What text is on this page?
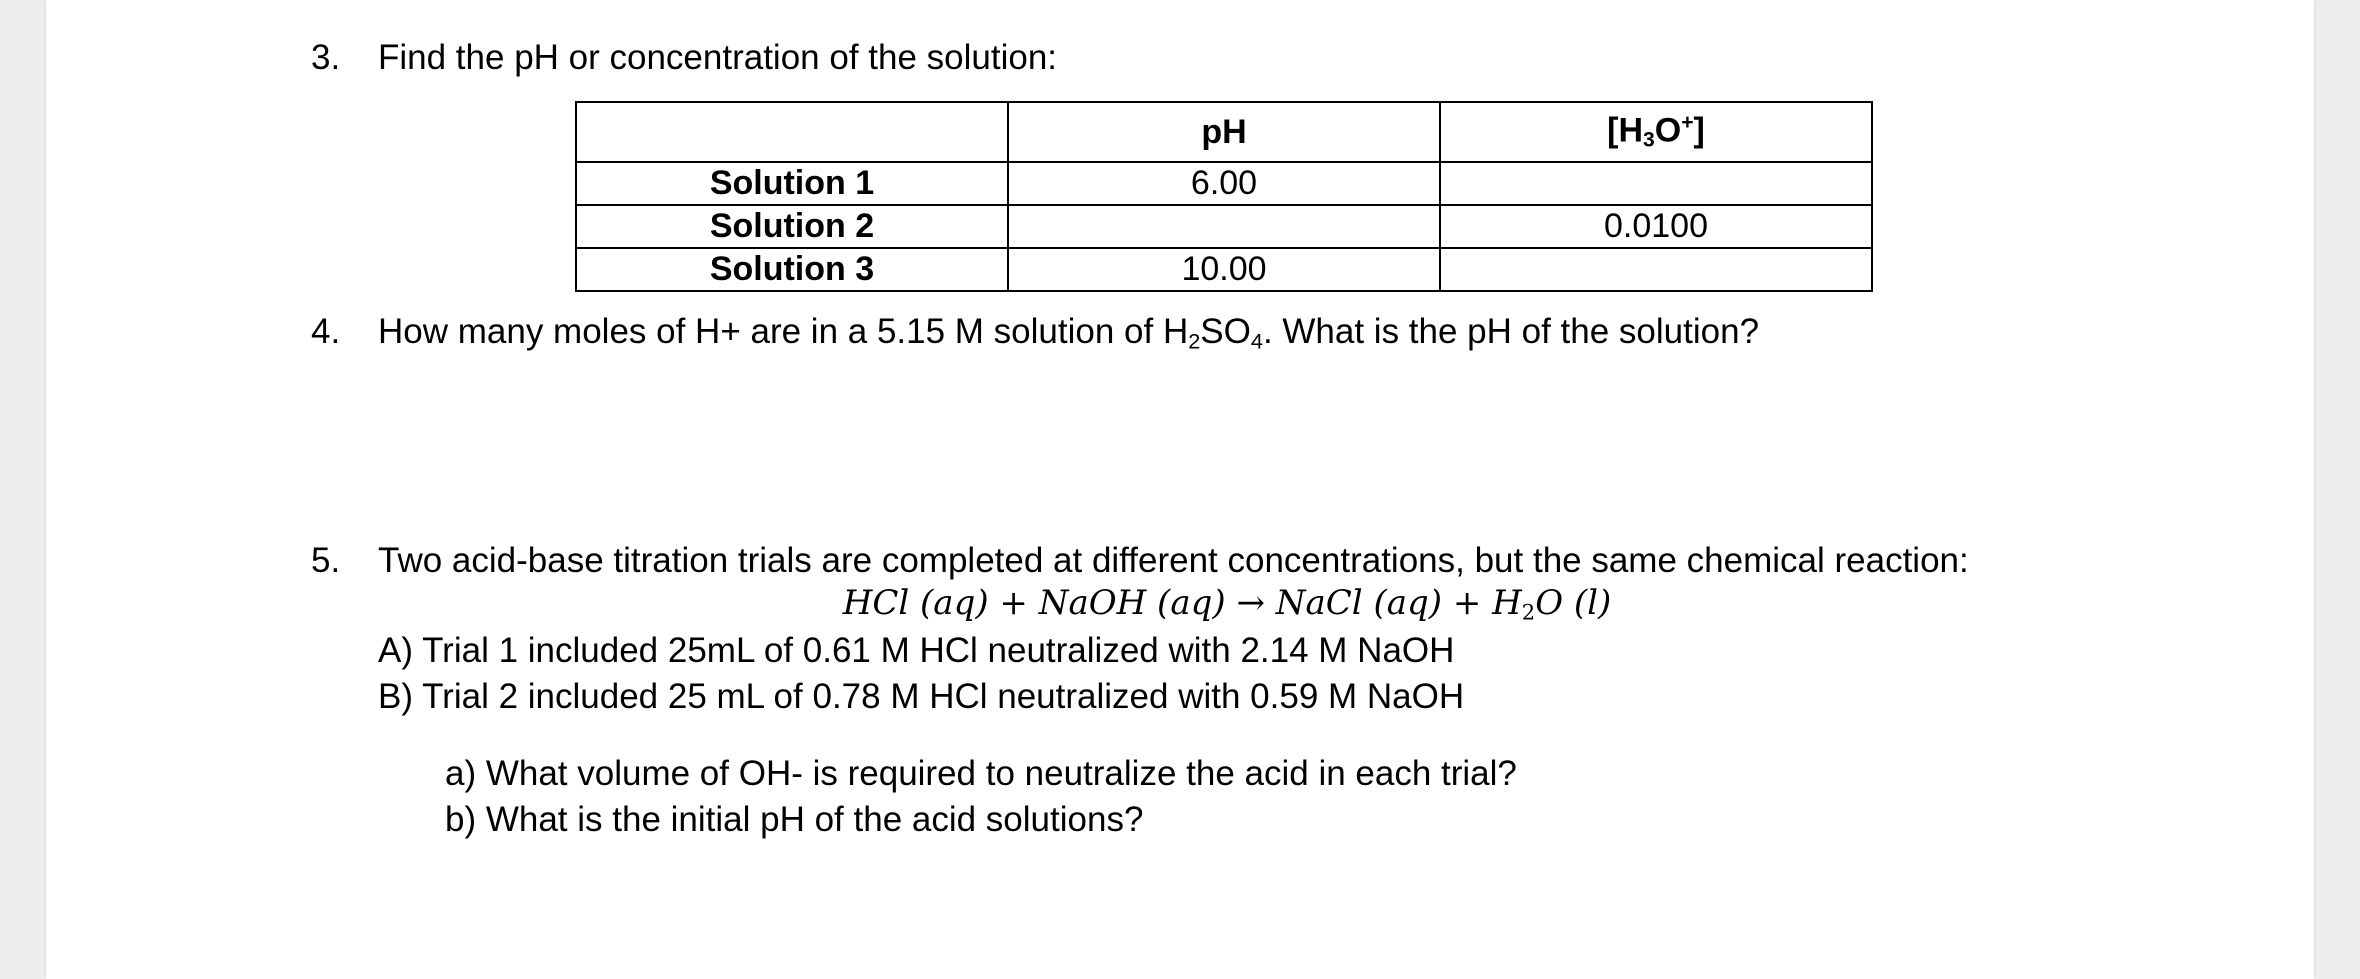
3. Find the pH or concentration of the solution:
	pH	$[H_3O^+]$
Solution 1	6.00	
Solution 2		0.0100
Solution 3	10.00	
4. How many moles of H+ are in a 5.15 M solution of $H_2SO_4$. What is the pH of the solution?
5. Two acid-base titration trials are completed at different concentrations, but the same chemical reaction:
HCl (aq) + NaOH (aq) → NaCl $(aq) + H_2O$ (l)
A) Trial 1 included 25mL of 0.61 M HCl neutralized with 2.14 M NaOH
B) Trial 2 included 25 mL of 0.78 M HCl neutralized with 0.59 M NaOH
a) What volume of OH- is required to neutralize the acid in each trial?
b) What is the initial pH of the acid solutions?
